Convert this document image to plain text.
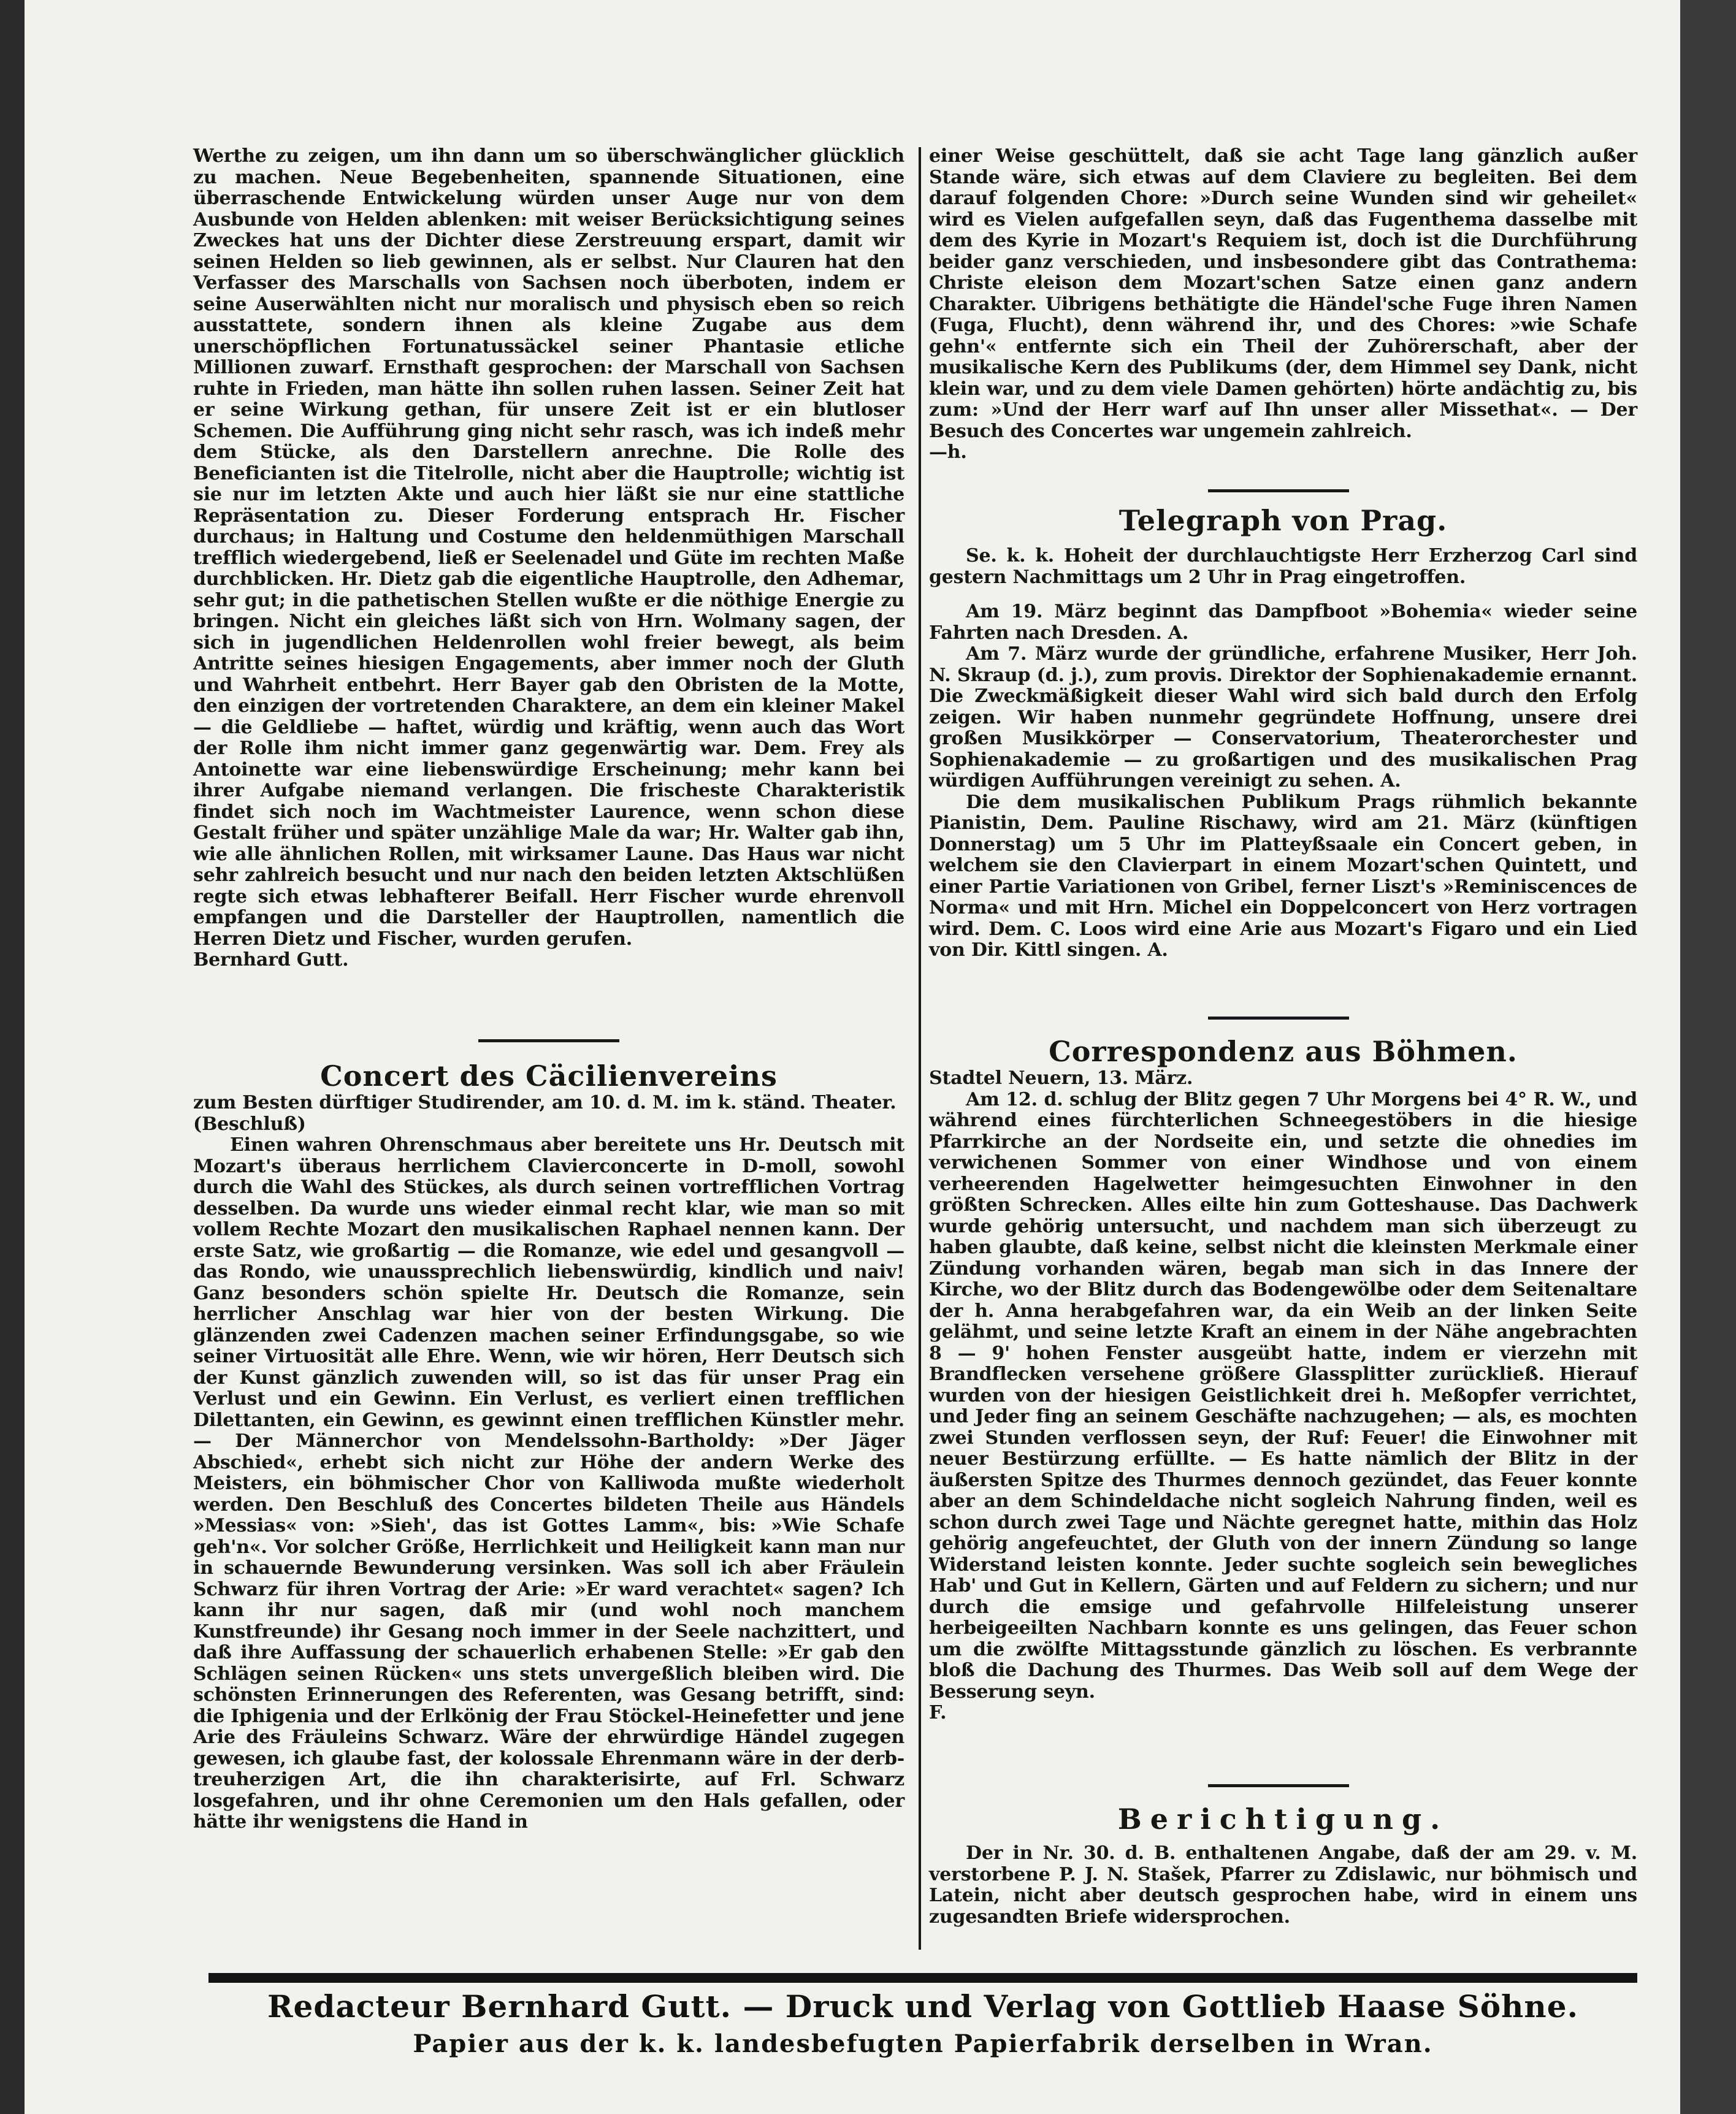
Werthe zu zeigen, um ihn dann um so überschwänglicher glücklich zu machen. Neue Begebenheiten, spannende Situationen, eine überraschende Entwickelung würden unser Auge nur von dem Ausbunde von Helden ablenken: mit weiser Berücksichtigung seines Zweckes hat uns der Dichter diese Zerstreuung erspart, damit wir seinen Helden so lieb gewinnen, als er selbst. Nur Clauren hat den Verfasser des Marschalls von Sachsen noch überboten, indem er seine Auserwählten nicht nur moralisch und physisch eben so reich ausstattete, sondern ihnen als kleine Zugabe aus dem unerschöpflichen Fortunatussäckel seiner Phantasie etliche Millionen zuwarf. Ernsthaft gesprochen: der Marschall von Sachsen ruhte in Frieden, man hätte ihn sollen ruhen lassen. Seiner Zeit hat er seine Wirkung gethan, für unsere Zeit ist er ein blutloser Schemen. Die Aufführung ging nicht sehr rasch, was ich indeß mehr dem Stücke, als den Darstellern anrechne. Die Rolle des Beneficianten ist die Titelrolle, nicht aber die Hauptrolle; wichtig ist sie nur im letzten Akte und auch hier läßt sie nur eine stattliche Repräsentation zu. Dieser Forderung entsprach Hr. Fischer durchaus; in Haltung und Costume den heldenmüthigen Marschall trefflich wiedergebend, ließ er Seelenadel und Güte im rechten Maße durchblicken. Hr. Dietz gab die eigentliche Hauptrolle, den Adhemar, sehr gut; in die pathetischen Stellen wußte er die nöthige Energie zu bringen. Nicht ein gleiches läßt sich von Hrn. Wolmany sagen, der sich in jugendlichen Heldenrollen wohl freier bewegt, als beim Antritte seines hiesigen Engagements, aber immer noch der Gluth und Wahrheit entbehrt. Herr Bayer gab den Obristen de la Motte, den einzigen der vortretenden Charaktere, an dem ein kleiner Makel — die Geldliebe — haftet, würdig und kräftig, wenn auch das Wort der Rolle ihm nicht immer ganz gegenwärtig war. Dem. Frey als Antoinette war eine liebenswürdige Erscheinung; mehr kann bei ihrer Aufgabe niemand verlangen. Die frischeste Charakteristik findet sich noch im Wachtmeister Laurence, wenn schon diese Gestalt früher und später unzählige Male da war; Hr. Walter gab ihn, wie alle ähnlichen Rollen, mit wirksamer Laune. Das Haus war nicht sehr zahlreich besucht und nur nach den beiden letzten Aktschlüßen regte sich etwas lebhafterer Beifall. Herr Fischer wurde ehrenvoll empfangen und die Darsteller der Hauptrollen, namentlich die Herren Dietz und Fischer, wurden gerufen.

Bernhard Gutt.

Concert des Cäcilienvereins

zum Besten dürftiger Studirender, am 10. d. M. im k. ständ. Theater.

(Beschluß)

Einen wahren Ohrenschmaus aber bereitete uns Hr. Deutsch mit Mozart's überaus herrlichem Clavierconcerte in D-moll, sowohl durch die Wahl des Stückes, als durch seinen vortrefflichen Vortrag desselben. Da wurde uns wieder einmal recht klar, wie man so mit vollem Rechte Mozart den musikalischen Raphael nennen kann. Der erste Satz, wie großartig — die Romanze, wie edel und gesangvoll — das Rondo, wie unaussprechlich liebenswürdig, kindlich und naiv! Ganz besonders schön spielte Hr. Deutsch die Romanze, sein herrlicher Anschlag war hier von der besten Wirkung. Die glänzenden zwei Cadenzen machen seiner Erfindungsgabe, so wie seiner Virtuosität alle Ehre. Wenn, wie wir hören, Herr Deutsch sich der Kunst gänzlich zuwenden will, so ist das für unser Prag ein Verlust und ein Gewinn. Ein Verlust, es verliert einen trefflichen Dilettanten, ein Gewinn, es gewinnt einen trefflichen Künstler mehr. — Der Männerchor von Mendelssohn-Bartholdy: »Der Jäger Abschied«, erhebt sich nicht zur Höhe der andern Werke des Meisters, ein böhmischer Chor von Kalliwoda mußte wiederholt werden. Den Beschluß des Concertes bildeten Theile aus Händels »Messias« von: »Sieh', das ist Gottes Lamm«, bis: »Wie Schafe geh'n«. Vor solcher Größe, Herrlichkeit und Heiligkeit kann man nur in schauernde Bewunderung versinken. Was soll ich aber Fräulein Schwarz für ihren Vortrag der Arie: »Er ward verachtet« sagen? Ich kann ihr nur sagen, daß mir (und wohl noch manchem Kunstfreunde) ihr Gesang noch immer in der Seele nachzittert, und daß ihre Auffassung der schauerlich erhabenen Stelle: »Er gab den Schlägen seinen Rücken« uns stets unvergeßlich bleiben wird. Die schönsten Erinnerungen des Referenten, was Gesang betrifft, sind: die Iphigenia und der Erlkönig der Frau Stöckel-Heinefetter und jene Arie des Fräuleins Schwarz. Wäre der ehrwürdige Händel zugegen gewesen, ich glaube fast, der kolossale Ehrenmann wäre in der derb-treuherzigen Art, die ihn charakterisirte, auf Frl. Schwarz losgefahren, und ihr ohne Ceremonien um den Hals gefallen, oder hätte ihr wenigstens die Hand in

einer Weise geschüttelt, daß sie acht Tage lang gänzlich außer Stande wäre, sich etwas auf dem Claviere zu begleiten. Bei dem darauf folgenden Chore: »Durch seine Wunden sind wir geheilet« wird es Vielen aufgefallen seyn, daß das Fugenthema dasselbe mit dem des Kyrie in Mozart's Requiem ist, doch ist die Durchführung beider ganz verschieden, und insbesondere gibt das Contrathema: Christe eleison dem Mozart'schen Satze einen ganz andern Charakter. Uibrigens bethätigte die Händel'sche Fuge ihren Namen (Fuga, Flucht), denn während ihr, und des Chores: »wie Schafe gehn'« entfernte sich ein Theil der Zuhörerschaft, aber der musikalische Kern des Publikums (der, dem Himmel sey Dank, nicht klein war, und zu dem viele Damen gehörten) hörte andächtig zu, bis zum: »Und der Herr warf auf Ihn unser aller Missethat«. — Der Besuch des Concertes war ungemein zahlreich.

—h.

Telegraph von Prag.

Se. k. k. Hoheit der durchlauchtigste Herr Erzherzog Carl sind gestern Nachmittags um 2 Uhr in Prag eingetroffen.

Am 19. März beginnt das Dampfboot »Bohemia« wieder seine Fahrten nach Dresden. A.

Am 7. März wurde der gründliche, erfahrene Musiker, Herr Joh. N. Skraup (d. j.), zum provis. Direktor der Sophienakademie ernannt. Die Zweckmäßigkeit dieser Wahl wird sich bald durch den Erfolg zeigen. Wir haben nunmehr gegründete Hoffnung, unsere drei großen Musikkörper — Conservatorium, Theaterorchester und Sophienakademie — zu großartigen und des musikalischen Prag würdigen Aufführungen vereinigt zu sehen. A.

Die dem musikalischen Publikum Prags rühmlich bekannte Pianistin, Dem. Pauline Rischawy, wird am 21. März (künftigen Donnerstag) um 5 Uhr im Platteyßsaale ein Concert geben, in welchem sie den Clavierpart in einem Mozart'schen Quintett, und einer Partie Variationen von Gribel, ferner Liszt's »Reminiscences de Norma« und mit Hrn. Michel ein Doppelconcert von Herz vortragen wird. Dem. C. Loos wird eine Arie aus Mozart's Figaro und ein Lied von Dir. Kittl singen. A.

Correspondenz aus Böhmen.

Stadtel Neuern, 13. März.

Am 12. d. schlug der Blitz gegen 7 Uhr Morgens bei 4° R. W., und während eines fürchterlichen Schneegestöbers in die hiesige Pfarrkirche an der Nordseite ein, und setzte die ohnedies im verwichenen Sommer von einer Windhose und von einem verheerenden Hagelwetter heimgesuchten Einwohner in den größten Schrecken. Alles eilte hin zum Gotteshause. Das Dachwerk wurde gehörig untersucht, und nachdem man sich überzeugt zu haben glaubte, daß keine, selbst nicht die kleinsten Merkmale einer Zündung vorhanden wären, begab man sich in das Innere der Kirche, wo der Blitz durch das Bodengewölbe oder dem Seitenaltare der h. Anna herabgefahren war, da ein Weib an der linken Seite gelähmt, und seine letzte Kraft an einem in der Nähe angebrachten 8 — 9' hohen Fenster ausgeübt hatte, indem er vierzehn mit Brandflecken versehene größere Glassplitter zurückließ. Hierauf wurden von der hiesigen Geistlichkeit drei h. Meßopfer verrichtet, und Jeder fing an seinem Geschäfte nachzugehen; — als, es mochten zwei Stunden verflossen seyn, der Ruf: Feuer! die Einwohner mit neuer Bestürzung erfüllte. — Es hatte nämlich der Blitz in der äußersten Spitze des Thurmes dennoch gezündet, das Feuer konnte aber an dem Schindeldache nicht sogleich Nahrung finden, weil es schon durch zwei Tage und Nächte geregnet hatte, mithin das Holz gehörig angefeuchtet, der Gluth von der innern Zündung so lange Widerstand leisten konnte. Jeder suchte sogleich sein bewegliches Hab' und Gut in Kellern, Gärten und auf Feldern zu sichern; und nur durch die emsige und gefahrvolle Hilfeleistung unserer herbeigeeilten Nachbarn konnte es uns gelingen, das Feuer schon um die zwölfte Mittagsstunde gänzlich zu löschen. Es verbrannte bloß die Dachung des Thurmes. Das Weib soll auf dem Wege der Besserung seyn.

F.

Berichtigung.

Der in Nr. 30. d. B. enthaltenen Angabe, daß der am 29. v. M. verstorbene P. J. N. Stašek, Pfarrer zu Zdislawic, nur böhmisch und Latein, nicht aber deutsch gesprochen habe, wird in einem uns zugesandten Briefe widersprochen.

Redacteur Bernhard Gutt. — Druck und Verlag von Gottlieb Haase Söhne.
Papier aus der k. k. landesbefugten Papierfabrik derselben in Wran.
